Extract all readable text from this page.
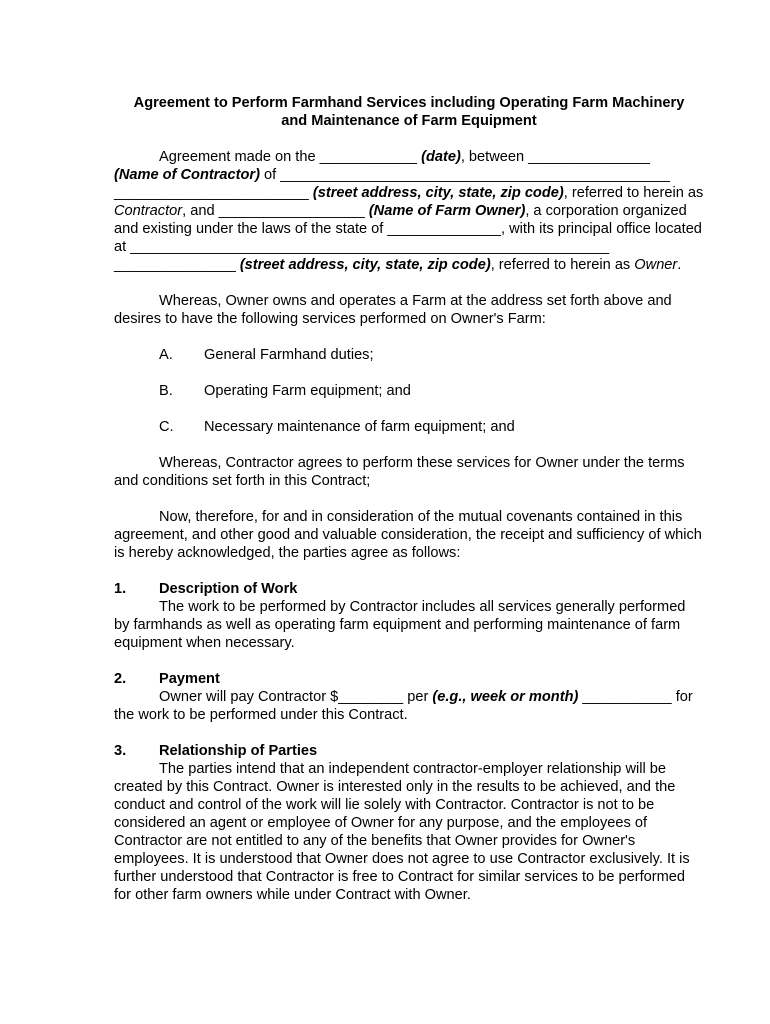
Agreement to Perform Farmhand Services including Operating Farm Machinery
and Maintenance of Farm Equipment

Agreement made on the ____________ (date), between _______________
(Name of Contractor) of ________________________________________________
________________________ (street address, city, state, zip code), referred to herein as Contractor, and __________________ (Name of Farm Owner), a corporation organized and existing under the laws of the state of ______________, with its principal office located at ___________________________________________________________
_______________ (street address, city, state, zip code), referred to herein as Owner.

Whereas, Owner owns and operates a Farm at the address set forth above and desires to have the following services performed on Owner's Farm:

A.	General Farmhand duties;
B.	Operating Farm equipment; and
C.	Necessary maintenance of farm equipment; and

Whereas, Contractor agrees to perform these services for Owner under the terms and conditions set forth in this Contract;

Now, therefore, for and in consideration of the mutual covenants contained in this agreement, and other good and valuable consideration, the receipt and sufficiency of which is hereby acknowledged, the parties agree as follows:

1.	Description of Work

The work to be performed by Contractor includes all services generally performed by farmhands as well as operating farm equipment and performing maintenance of farm equipment when necessary.

2.	Payment

Owner will pay Contractor $________ per (e.g., week or month) ___________ for the work to be performed under this Contract.

3.	Relationship of Parties

The parties intend that an independent contractor-employer relationship will be created by this Contract. Owner is interested only in the results to be achieved, and the conduct and control of the work will lie solely with Contractor. Contractor is not to be considered an agent or employee of Owner for any purpose, and the employees of Contractor are not entitled to any of the benefits that Owner provides for Owner's employees. It is understood that Owner does not agree to use Contractor exclusively. It is further understood that Contractor is free to Contract for similar services to be performed for other farm owners while under Contract with Owner.
